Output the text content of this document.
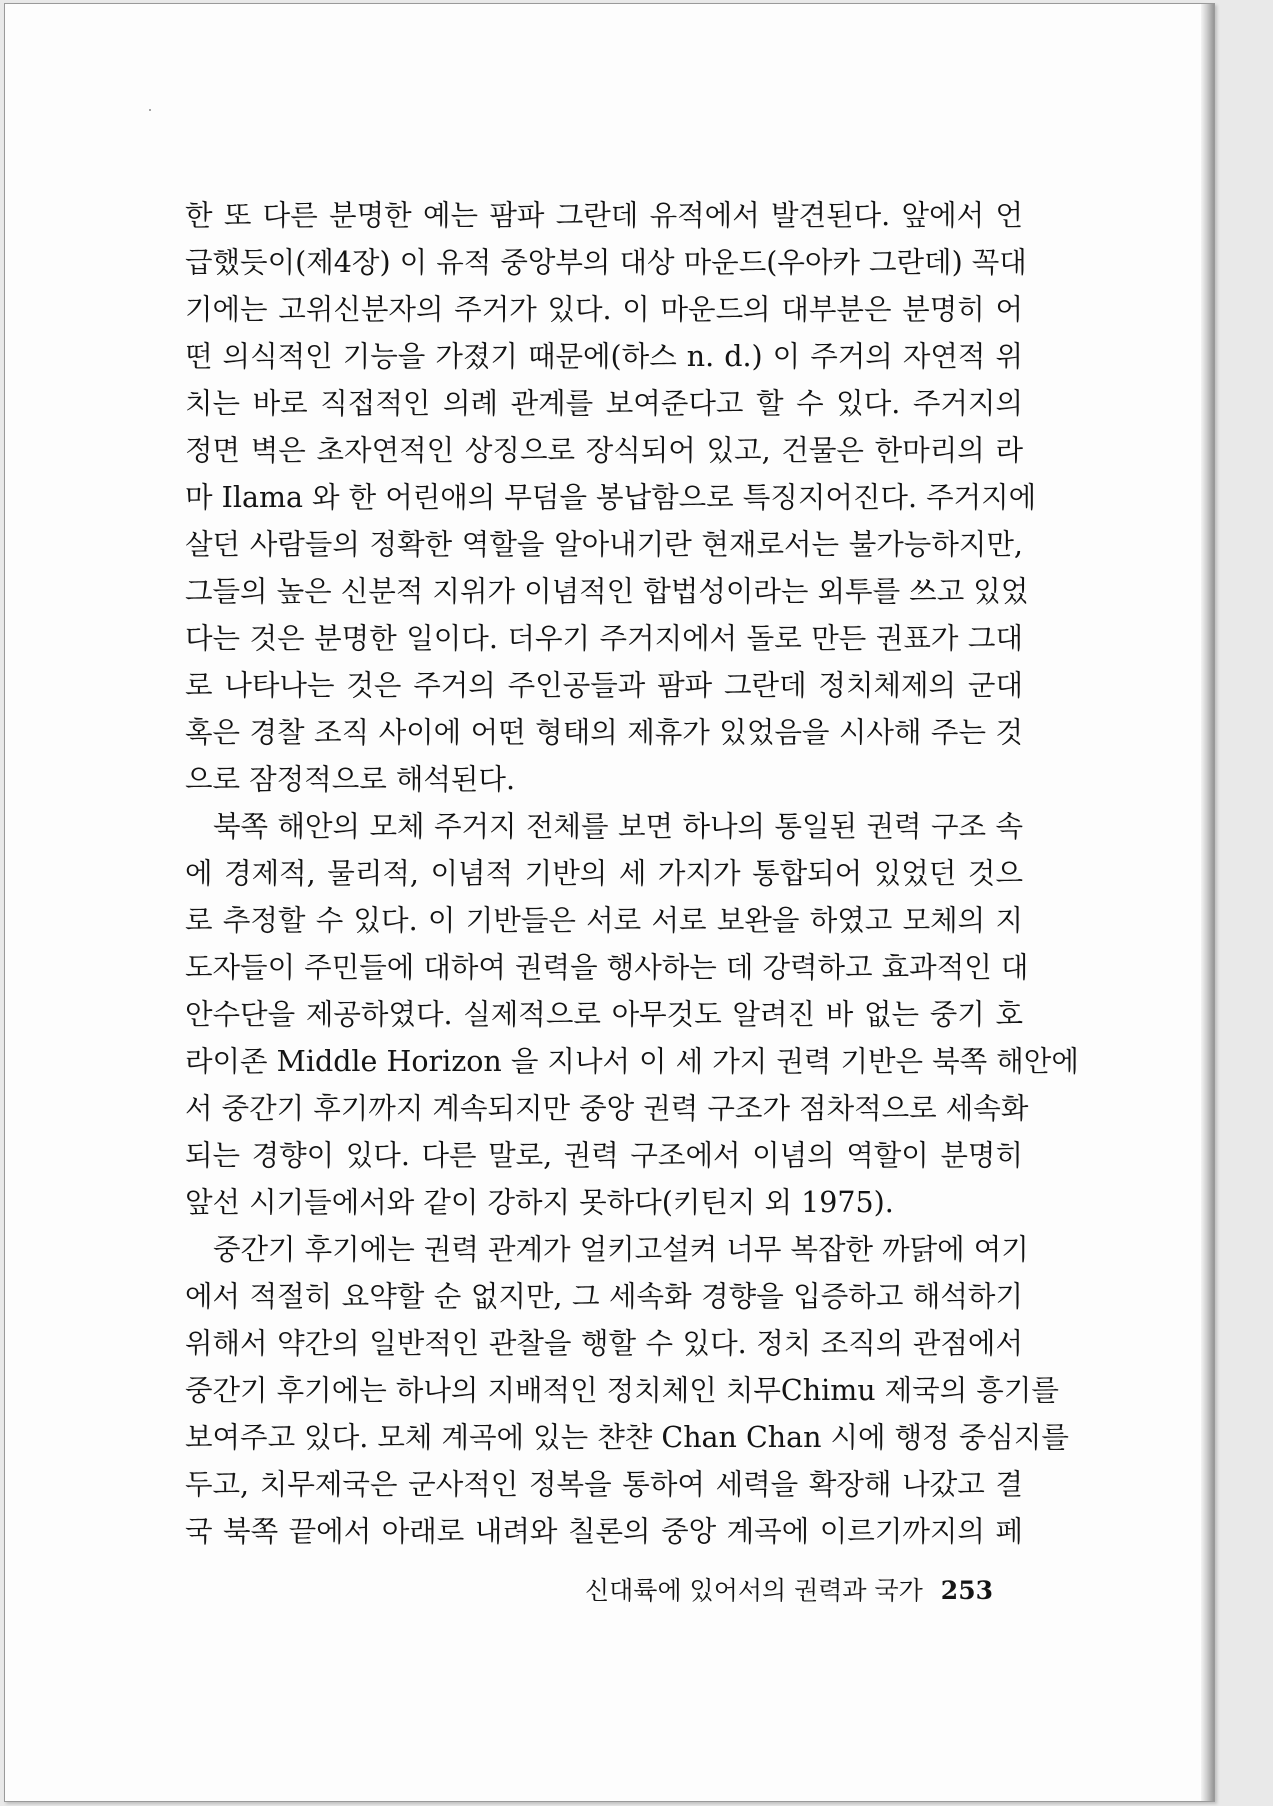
한 또 다른 분명한 예는 팜파 그란데 유적에서 발견된다. 앞에서 언
급했듯이(제4장) 이 유적 중앙부의 대상 마운드(우아카 그란데) 꼭대
기에는 고위신분자의 주거가 있다. 이 마운드의 대부분은 분명히 어
떤 의식적인 기능을 가졌기 때문에(하스 n. d.) 이 주거의 자연적 위
치는 바로 직접적인 의례 관계를 보여준다고 할 수 있다. 주거지의
정면 벽은 초자연적인 상징으로 장식되어 있고, 건물은 한마리의 라
마 Ilama 와 한 어린애의 무덤을 봉납함으로 특징지어진다. 주거지에
살던 사람들의 정확한 역할을 알아내기란 현재로서는 불가능하지만,
그들의 높은 신분적 지위가 이념적인 합법성이라는 외투를 쓰고 있었
다는 것은 분명한 일이다. 더우기 주거지에서 돌로 만든 권표가 그대
로 나타나는 것은 주거의 주인공들과 팜파 그란데 정치체제의 군대
혹은 경찰 조직 사이에 어떤 형태의 제휴가 있었음을 시사해 주는 것
으로 잠정적으로 해석된다.
북쪽 해안의 모체 주거지 전체를 보면 하나의 통일된 권력 구조 속
에 경제적, 물리적, 이념적 기반의 세 가지가 통합되어 있었던 것으
로 추정할 수 있다. 이 기반들은 서로 서로 보완을 하였고 모체의 지
도자들이 주민들에 대하여 권력을 행사하는 데 강력하고 효과적인 대
안수단을 제공하였다. 실제적으로 아무것도 알려진 바 없는 중기 호
라이존 Middle Horizon 을 지나서 이 세 가지 권력 기반은 북쪽 해안에
서 중간기 후기까지 계속되지만 중앙 권력 구조가 점차적으로 세속화
되는 경향이 있다. 다른 말로, 권력 구조에서 이념의 역할이 분명히
앞선 시기들에서와 같이 강하지 못하다(키틴지 외 1975).
중간기 후기에는 권력 관계가 얼키고설켜 너무 복잡한 까닭에 여기
에서 적절히 요약할 순 없지만, 그 세속화 경향을 입증하고 해석하기
위해서 약간의 일반적인 관찰을 행할 수 있다. 정치 조직의 관점에서
중간기 후기에는 하나의 지배적인 정치체인 치무Chimu 제국의 흥기를
보여주고 있다. 모체 계곡에 있는 챤챤 Chan Chan 시에 행정 중심지를
두고, 치무제국은 군사적인 정복을 통하여 세력을 확장해 나갔고 결
국 북쪽 끝에서 아래로 내려와 칠론의 중앙 계곡에 이르기까지의 페
신대륙에 있어서의 권력과 국가 253
